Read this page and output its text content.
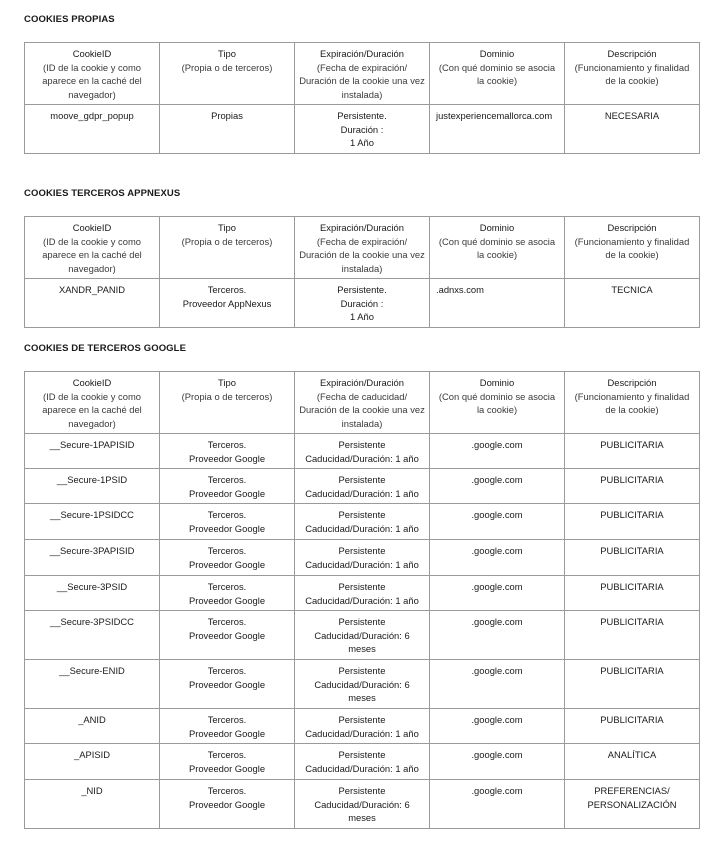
COOKIES PROPIAS
CookieID
(ID de la cookie y como aparece en la caché del navegador)	Tipo
(Propia o de terceros)	Expiración/Duración
(Fecha de expiración/ Duración de la cookie una vez instalada)	Dominio
(Con qué dominio se asocia la cookie)	Descripción
(Funcionamiento y finalidad de la cookie)

moove_gdpr_popup	Propias	Persistente.
Duración :
1 Año	justexperiencemallorca.com	NECESARIA
COOKIES TERCEROS APPNEXUS
CookieID
(ID de la cookie y como aparece en la caché del navegador)	Tipo
(Propia o de terceros)	Expiración/Duración
(Fecha de expiración/ Duración de la cookie una vez instalada)	Dominio
(Con qué dominio se asocia la cookie)	Descripción
(Funcionamiento y finalidad de la cookie)

XANDR_PANID	Terceros.
Proveedor AppNexus	Persistente.
Duración :
1 Año	.adnxs.com	TECNICA
COOKIES DE TERCEROS GOOGLE
CookieID
(ID de la cookie y como aparece en la caché del navegador)	Tipo
(Propia o de terceros)	Expiración/Duración
(Fecha de caducidad/ Duración de la cookie una vez instalada)	Dominio
(Con qué dominio se asocia la cookie)	Descripción
(Funcionamiento y finalidad de la cookie)

__Secure-1PAPISID	Terceros.
Proveedor Google	Persistente
Caducidad/Duración: 1 año	.google.com	PUBLICITARIA
__Secure-1PSID	Terceros.
Proveedor Google	Persistente
Caducidad/Duración: 1 año	.google.com	PUBLICITARIA
__Secure-1PSIDCC	Terceros.
Proveedor Google	Persistente
Caducidad/Duración: 1 año	.google.com	PUBLICITARIA
__Secure-3PAPISID	Terceros.
Proveedor Google	Persistente
Caducidad/Duración: 1 año	.google.com	PUBLICITARIA
__Secure-3PSID	Terceros.
Proveedor Google	Persistente
Caducidad/Duración: 1 año	.google.com	PUBLICITARIA
__Secure-3PSIDCC	Terceros.
Proveedor Google	Persistente
Caducidad/Duración: 6
meses	.google.com	PUBLICITARIA
__Secure-ENID	Terceros.
Proveedor Google	Persistente
Caducidad/Duración: 6
meses	.google.com	PUBLICITARIA
_ANID	Terceros.
Proveedor Google	Persistente
Caducidad/Duración: 1 año	.google.com	PUBLICITARIA
_APISID	Terceros.
Proveedor Google	Persistente
Caducidad/Duración: 1 año	.google.com	ANALÍTICA
_NID	Terceros.
Proveedor Google	Persistente
Caducidad/Duración: 6
meses	.google.com	PREFERENCIAS/
PERSONALIZACIÓN
